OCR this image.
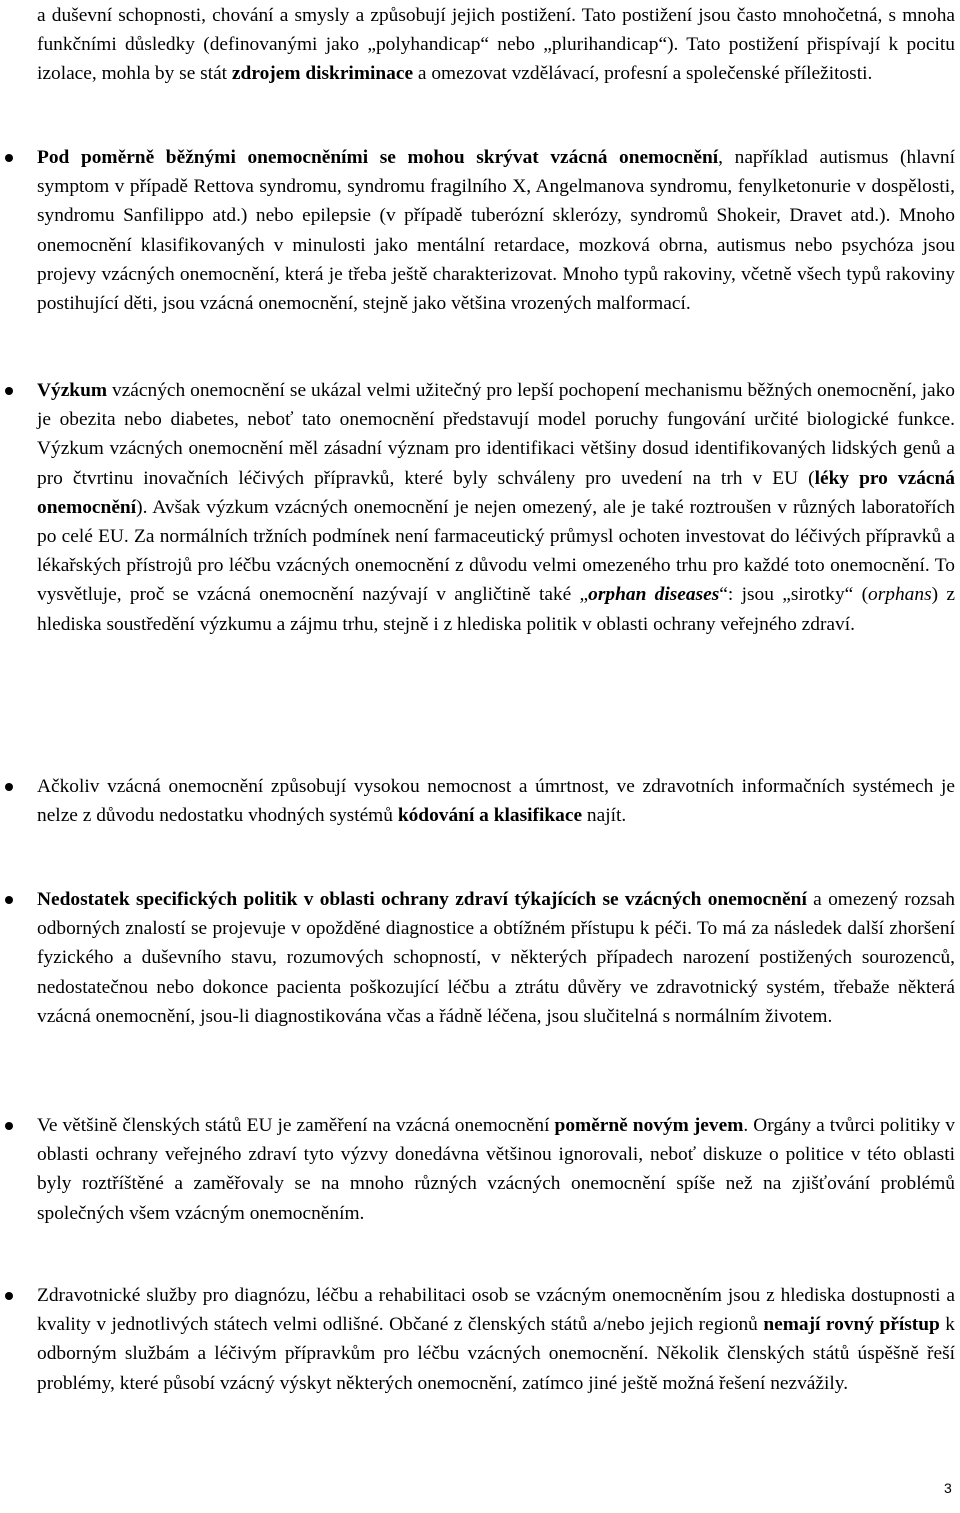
a duševní schopnosti, chování a smysly a způsobují jejich postižení. Tato postižení jsou často mnohočetná, s mnoha funkčními důsledky (definovanými jako „polyhandicap“ nebo „plurihandicap“). Tato postižení přispívají k pocitu izolace, mohla by se stát zdrojem diskriminace a omezovat vzdělávací, profesní a společenské příležitosti.
Pod poměrně běžnými onemocněními se mohou skrývat vzácná onemocnění, například autismus (hlavní symptom v případě Rettova syndromu, syndromu fragilního X, Angelmanova syndromu, fenylketonurie v dospělosti, syndromu Sanfilippo atd.) nebo epilepsie (v případě tuberózní sklerózy, syndromů Shokeir, Dravet atd.). Mnoho onemocnění klasifikovaných v minulosti jako mentální retardace, mozková obrna, autismus nebo psychóza jsou projevy vzácných onemocnění, která je třeba ještě charakterizovat. Mnoho typů rakoviny, včetně všech typů rakoviny postihující děti, jsou vzácná onemocnění, stejně jako většina vrozených malformací.
Výzkum vzácných onemocnění se ukázal velmi užitečný pro lepší pochopení mechanismu běžných onemocnění, jako je obezita nebo diabetes, neboť tato onemocnění představují model poruchy fungování určité biologické funkce. Výzkum vzácných onemocnění měl zásadní význam pro identifikaci většiny dosud identifikovaných lidských genů a pro čtvrtinu inovačních léčivých přípravků, které byly schváleny pro uvedení na trh v EU (léky pro vzácná onemocnění). Avšak výzkum vzácných onemocnění je nejen omezený, ale je také roztroušen v různých laboratořích po celé EU. Za normálních tržních podmínek není farmaceutický průmysl ochoten investovat do léčivých přípravků a lékařských přístrojů pro léčbu vzácných onemocnění z důvodu velmi omezeného trhu pro každé toto onemocnění. To vysvětluje, proč se vzácná onemocnění nazývají v angličtině také „orphan diseases“: jsou „sirotky“ (orphans) z hlediska soustředění výzkumu a zájmu trhu, stejně i z hlediska politik v oblasti ochrany veřejného zdraví.
Ačkoliv vzácná onemocnění způsobují vysokou nemocnost a úmrtnost, ve zdravotních informačních systémech je nelze z důvodu nedostatku vhodných systémů kódování a klasifikace najít.
Nedostatek specifických politik v oblasti ochrany zdraví týkajících se vzácných onemocnění a omezený rozsah odborných znalostí se projevuje v opožděné diagnostice a obtížném přístupu k péči. To má za následek další zhoršení fyzického a duševního stavu, rozumových schopností, v některých případech narození postižených sourozenců, nedostatečnou nebo dokonce pacienta poškozující léčbu a ztrátu důvěry ve zdravotnický systém, třebaže některá vzácná onemocnění, jsou-li diagnostikována včas a řádně léčena, jsou slučitelná s normálním životem.
Ve většině členských států EU je zaměření na vzácná onemocnění poměrně novým jevem. Orgány a tvůrci politiky v oblasti ochrany veřejného zdraví tyto výzvy donedávna většinou ignorovali, neboť diskuze o politice v této oblasti byly roztříštěné a zaměřovaly se na mnoho různých vzácných onemocnění spíše než na zjišťování problémů společných všem vzácným onemocněním.
Zdravotnické služby pro diagnózu, léčbu a rehabilitaci osob se vzácným onemocněním jsou z hlediska dostupnosti a kvality v jednotlivých státech velmi odlišné. Občané z členských států a/nebo jejich regionů nemají rovný přístup k odborným službám a léčivým přípravkům pro léčbu vzácných onemocnění. Několik členských států úspěšně řeší problémy, které působí vzácný výskyt některých onemocnění, zatímco jiné ještě možná řešení nezvážily.
3
